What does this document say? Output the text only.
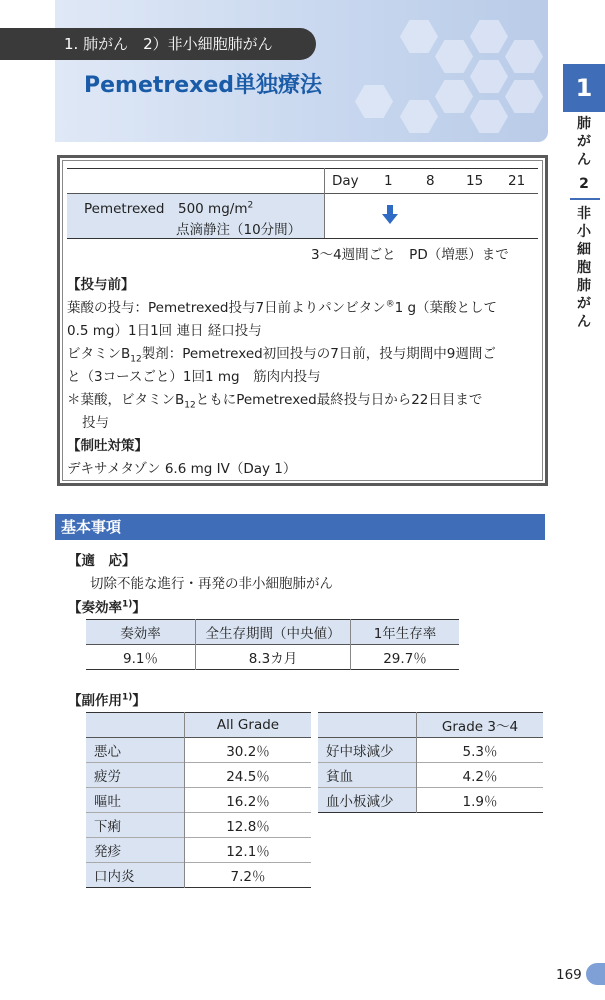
1. 肺がん　2）非小細胞肺がん
Pemetrexed単独療法	1
肺
が
ん
2
非
小
細
胞
肺
が
ん
Day 1 8 15 21
Pemetrexed　500 $mg/m^2$
点滴静注（10分間）
3～4週間ごと　PD（増悪）まで
【投与前】
葉酸の投与：Pemetrexed投与7日前よりパンビタン®1 g（葉酸として
0.5 mg）1日1回 連日 経口投与
ビタミン$B_{12}$製剤：Pemetrexed初回投与の7日前，投与期間中9週間ご
と（3コースごと）1回1 mg　筋肉内投与
＊葉酸，ビタミン$B_{12}$ともにPemetrexed最終投与日から22日目まで
投与
【制吐対策】
デキサメタゾン 6.6 mg IV（Day 1）
基本事項
【適　応】
切除不能な進行・再発の非小細胞肺がん
【奏効率$^{1)}$】
奏効率	全生存期間（中央値）	1年生存率
9.1％	8.3カ月	29.7％
【副作用$^{1)}$】
	All Grade
悪心	30.2％
疲労	24.5％
嘔吐	16.2％
下痢	12.8％
発疹	12.1％
口内炎	7.2％
	Grade 3～4
好中球減少	5.3％
貧血	4.2％
血小板減少	1.9％
169
